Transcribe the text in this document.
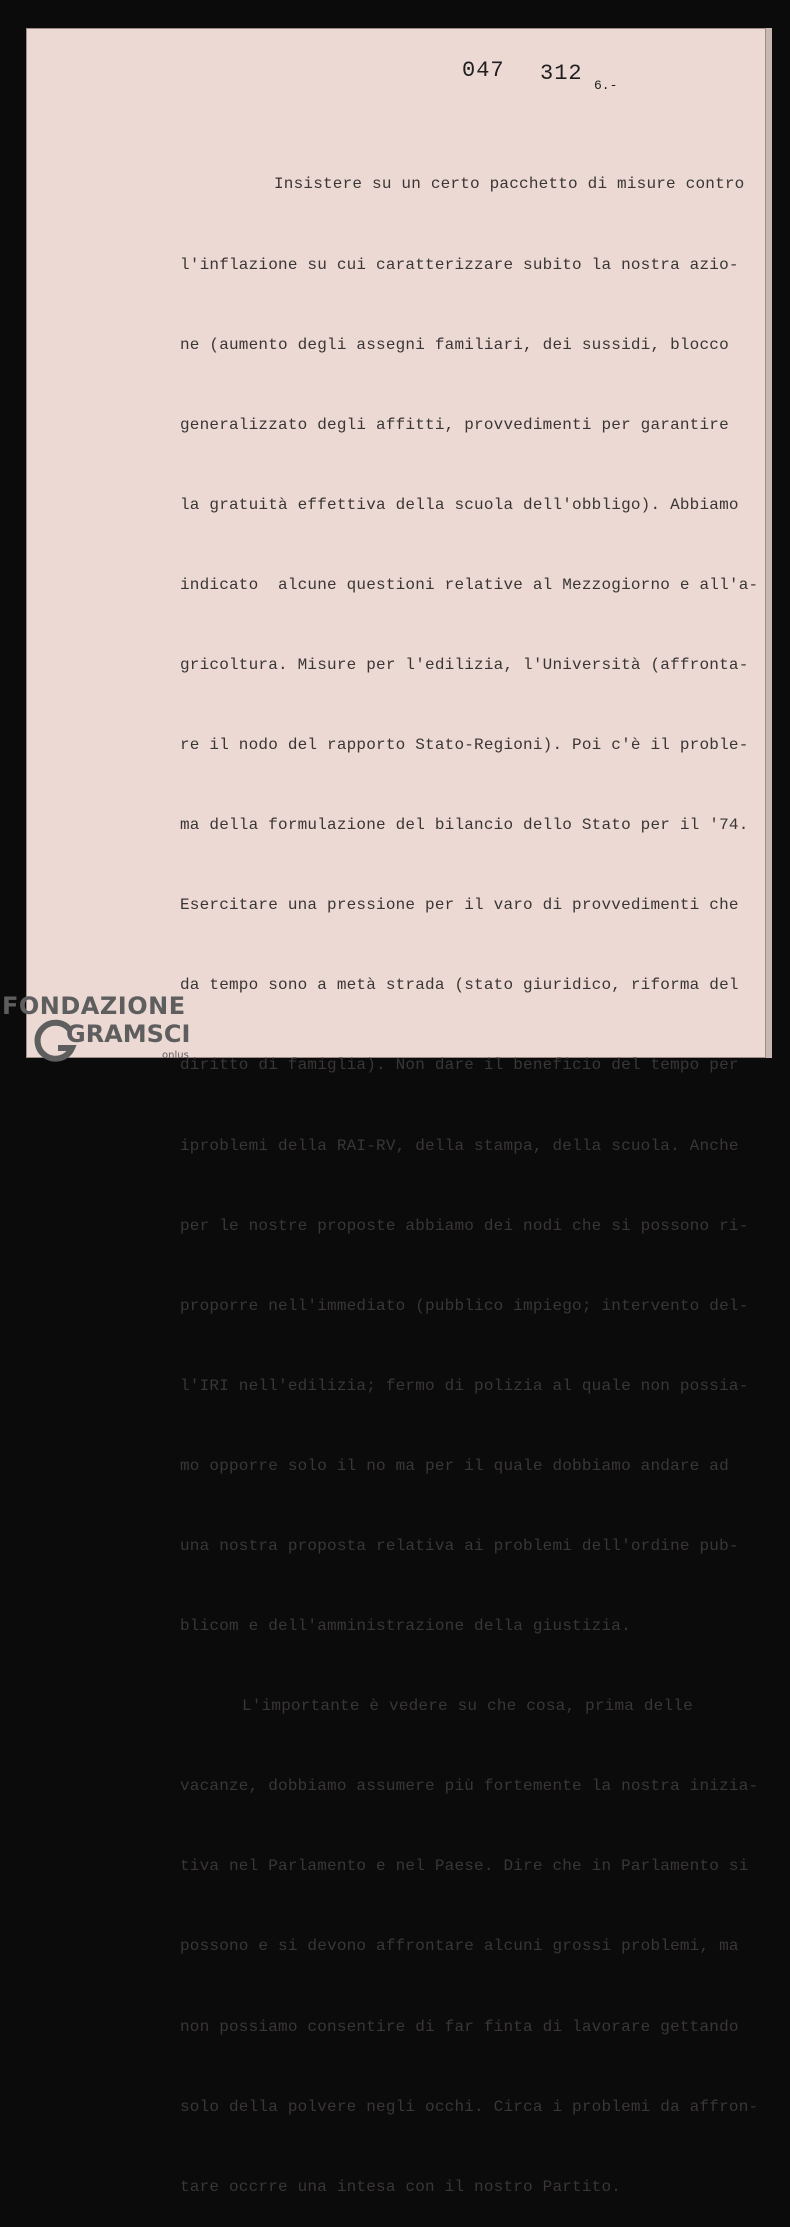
047 312 6.-

Insistere su un certo pacchetto di misure contro

l'inflazione su cui caratterizzare subito la nostra azio-

ne (aumento degli assegni familiari, dei sussidi, blocco

generalizzato degli affitti, provvedimenti per garantire

la gratuità effettiva della scuola dell'obbligo). Abbiamo

indicato  alcune questioni relative al Mezzogiorno e all'a-

gricoltura. Misure per l'edilizia, l'Università (affronta-

re il nodo del rapporto Stato-Regioni). Poi c'è il proble-

ma della formulazione del bilancio dello Stato per il '74.

Esercitare una pressione per il varo di provvedimenti che

da tempo sono a metà strada (stato giuridico, riforma del

diritto di famiglia). Non dare il beneficio del tempo per

iproblemi della RAI-RV, della stampa, della scuola. Anche

per le nostre proposte abbiamo dei nodi che si possono ri-

proporre nell'immediato (pubblico impiego; intervento del-

l'IRI nell'edilizia; fermo di polizia al quale non possia-

mo opporre solo il no ma per il quale dobbiamo andare ad

una nostra proposta relativa ai problemi dell'ordine pub-

blicom e dell'amministrazione della giustizia.

L'importante è vedere su che cosa, prima delle

vacanze, dobbiamo assumere più fortemente la nostra inizia-

tiva nel Parlamento e nel Paese. Dire che in Parlamento si

possono e si devono affrontare alcuni grossi problemi, ma

non possiamo consentire di far finta di lavorare gettando

solo della polvere negli occhi. Circa i problemi da affron-

tare occrre una intesa con il nostro Partito.

FONDAZIONE
GRAMSCI
onlus
